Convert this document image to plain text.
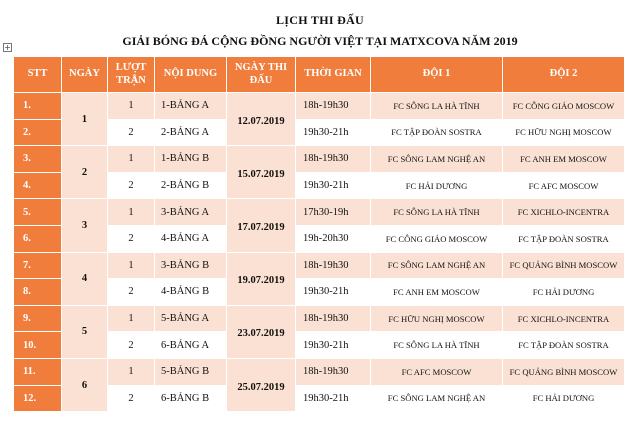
LỊCH THI ĐẤU
GIẢI BÓNG ĐÁ CỘNG ĐỒNG NGƯỜI VIỆT TẠI MATXCOVA NĂM 2019
+
STT	NGÀY	LƯỢT TRẬN	NỘI DUNG	NGÀY THI ĐẤU	THỜI GIAN	ĐỘI 1	ĐỘI 2
1.	1	1	1-BẢNG A	12.07.2019	18h-19h30	FC SÔNG LA HÀ TĨNH	FC CÔNG GIÁO MOSCOW
2.		2	2-BẢNG A		19h30-21h	FC TẬP ĐOÀN SOSTRA	FC HỮU NGHỊ MOSCOW
3.	2	1	1-BẢNG B	15.07.2019	18h-19h30	FC SÔNG LAM NGHỆ AN	FC ANH EM MOSCOW
4.		2	2-BẢNG B		19h30-21h	FC HẢI DƯƠNG	FC AFC MOSCOW
5.	3	1	3-BẢNG A	17.07.2019	17h30-19h	FC SÔNG LA HÀ TĨNH	FC XICHLO-INCENTRA
6.		2	4-BẢNG A		19h-20h30	FC CÔNG GIÁO MOSCOW	FC TẬP ĐOÀN SOSTRA
7.	4	1	3-BẢNG B	19.07.2019	18h-19h30	FC SÔNG LAM NGHỆ AN	FC QUẢNG BÌNH MOSCOW
8.		2	4-BẢNG B		19h30-21h	FC ANH EM MOSCOW	FC HẢI DƯƠNG
9.	5	1	5-BẢNG A	23.07.2019	18h-19h30	FC HỮU NGHỊ MOSCOW	FC XICHLO-INCENTRA
10.		2	6-BẢNG A		19h30-21h	FC SÔNG LA HÀ TĨNH	FC TẬP ĐOÀN SOSTRA
11.	6	1	5-BẢNG B	25.07.2019	18h-19h30	FC AFC MOSCOW	FC QUẢNG BÌNH MOSCOW
12.		2	6-BẢNG B		19h30-21h	FC SÔNG LAM NGHỆ AN	FC HẢI DƯƠNG
